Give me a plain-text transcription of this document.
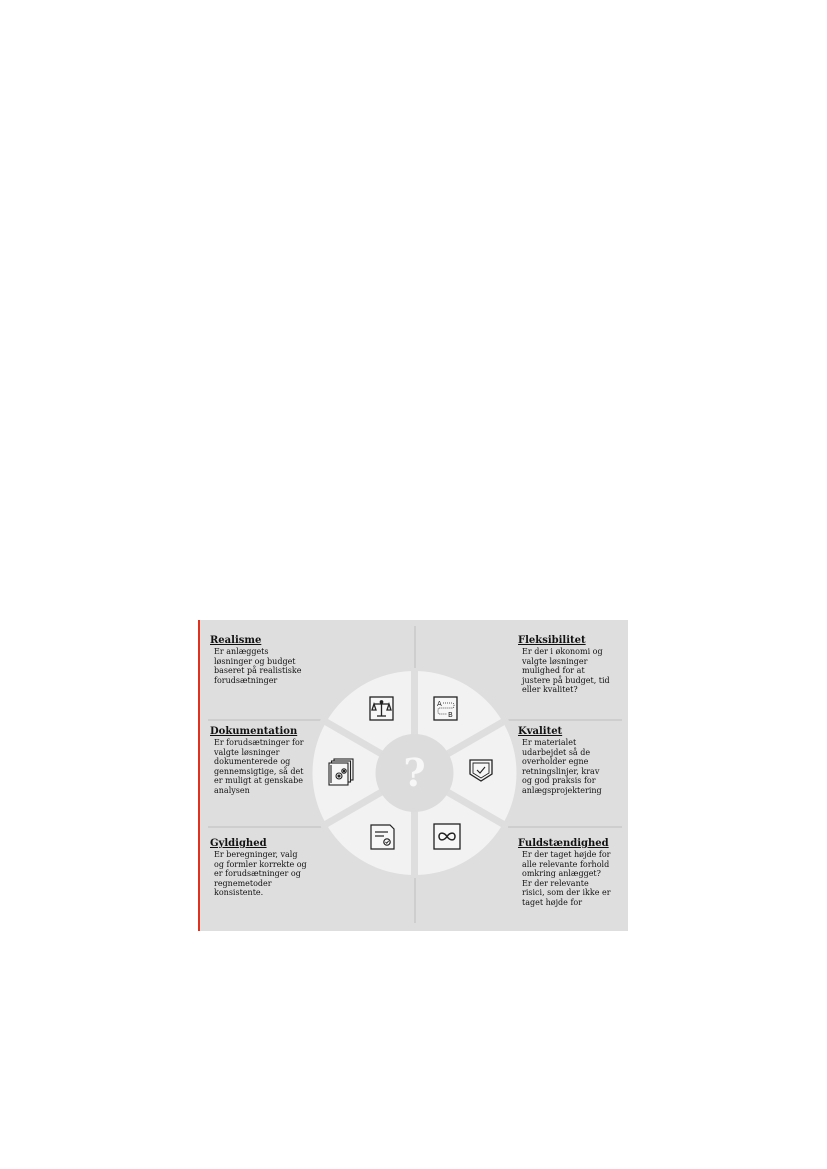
Realisme

Er anlæggets
løsninger og budget
baseret på realistiske
forudsætninger

Dokumentation

Er forudsætninger for
valgte løsninger
dokumenterede og
gennemsigtige, så det
er muligt at genskabe
analysen

Gyldighed

Er beregninger, valg
og formler korrekte og
er forudsætninger og
regnemetoder
konsistente.

Fleksibilitet

Er der i økonomi og
valgte løsninger
mulighed for at
justere på budget, tid
eller kvalitet?

Kvalitet

Er materialet
udarbejdet så de
overholder egne
retningslinjer, krav
og god praksis for
anlægsprojektering

Fuldstændighed

Er der taget højde for
alle relevante forhold
omkring anlægget?
Er der relevante
risici, som der ikke er
taget højde for

?
A
B
